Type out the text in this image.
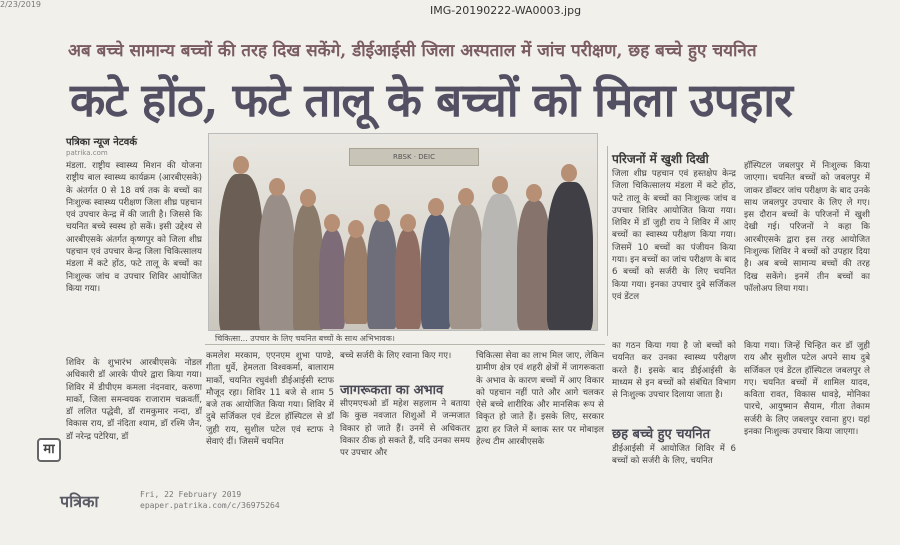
2/23/2019	IMG-20190222-WA0003.jpg
अब बच्चे सामान्य बच्चों की तरह दिख सकेंगे, डीईआईसी जिला अस्पताल में जांच परीक्षण, छह बच्चे हुए चयनित
कटे होंठ, फटे तालू के बच्चों को मिला उपहार
पत्रिका न्यूज नेटवर्क
patrika.com
मंडला. राष्ट्रीय स्वास्थ्य मिशन की योजना राष्ट्रीय बाल स्वास्थ्य कार्यक्रम (आरबीएसके) के अंतर्गत 0 से 18 वर्ष तक के बच्चों का निःशुल्क स्वास्थ्य परीक्षण जिला शीघ्र पहचान एवं उपचार केन्द्र में की जाती है। जिससे कि चयनित बच्चे स्वस्थ हो सकें। इसी उद्देश्य से आरबीएसके अंतर्गत कृष्णपुर को जिला शीघ्र पहचान एवं उपचार केन्द्र जिला चिकित्सालय मंडला में कटे होंठ, फटे तालू के बच्चों का निःशुल्क जांच व उपचार शिविर आयोजित किया गया।
शिविर के शुभारंभ आरबीएसके नोडल अधिकारी डॉ आरके पीपरे द्वारा किया गया। शिविर में डीपीएम कमला नंदनवार, करुणा मार्को, जिला समन्वयक राजाराम चक्रवर्ती, डॉ ललित पद्धेवी, डॉ रामकुमार नन्दा, डॉ विकास राय, डॉ नंदिता श्याम, डॉ रश्मि जैन, डॉ नरेन्द्र पटेरिया, डॉ
मा
RBSK · DEIC
चिकित्सा... उपचार के लिए चयनित बच्चों के साथ अभिभावक।
कमलेश मरकाम, एएनएम शुभा पाण्डे, गीता धुर्वे, हेमलता विश्वकर्मा, बालाराम मार्को, चयनित रघुवंशी डीईआईसी स्टाफ मौजूद रहा। शिविर 11 बजे से शाम 5 बजे तक आयोजित किया गया। शिविर में दुबे सर्जिकल एवं डेंटल हॉस्पिटल से डॉ जुही राय, सुशील पटेल एवं स्टाफ ने सेवाएं दीं। जिसमें चयनित
बच्चे सर्जरी के लिए रवाना किए गए।
जागरूकता का अभाव
सीएमएचओ डॉ महेश सहलाम ने बताया कि कुछ नवजात शिशुओं में जन्मजात विकार हो जाते हैं। उनमें से अधिकतर विकार ठीक हो सकते हैं, यदि उनका समय पर उपचार और
चिकित्सा सेवा का लाभ मिल जाए, लेकिन ग्रामीण क्षेत्र एवं शहरी क्षेत्रों में जागरूकता के अभाव के कारण बच्चों में आए विकार को पहचान नहीं पाते और आगे चलकर ऐसे बच्चे शारीरिक और मानसिक रूप से विकृत हो जाते हैं। इसके लिए, सरकार द्वारा हर जिले में ब्लाक स्तर पर मोबाइल हेल्थ टीम आरबीएसके
का गठन किया गया है जो बच्चों को चयनित कर उनका स्वास्थ्य परीक्षण करते हैं। इसके बाद डीईआईसी के माध्यम से इन बच्चों को संबंधित विभाग से निःशुल्क उपचार दिलाया जाता है।
छह बच्चे हुए चयनित
डीईआईसी में आयोजित शिविर में 6 बच्चों को सर्जरी के लिए, चयनित
परिजनों में खुशी दिखी
जिला शीघ्र पहचान एवं हस्तक्षेप केन्द्र जिला चिकित्सालय मंडला में कटे होंठ, फटे तालू के बच्चों का निःशुल्क जांच व उपचार शिविर आयोजित किया गया। शिविर में डॉ जुही राय ने शिविर में आए बच्चों का स्वास्थ्य परीक्षण किया गया। जिसमें 10 बच्चों का पंजीयन किया गया। इन बच्चों का जांच परीक्षण के बाद 6 बच्चों को सर्जरी के लिए चयनित किया गया। इनका उपचार दुबे सर्जिकल एवं डेंटल
हॉस्पिटल जबलपुर में निःशुल्क किया जाएगा। चयनित बच्चों को जबलपुर में जाकर डॉक्टर जांच परीक्षण के बाद उनके साथ जबलपुर उपचार के लिए ले गए। इस दौरान बच्चों के परिजनों में खुशी देखी गई। परिजनों ने कहा कि आरबीएसके द्वारा इस तरह आयोजित निःशुल्क शिविर ने बच्चों को उपहार दिया है। अब बच्चे सामान्य बच्चों की तरह दिख सकेंगे। इनमें तीन बच्चों का फॉलोअप लिया गया।
किया गया। जिन्हें चिन्हित कर डॉ जुही राय और सुशील पटेल अपने साथ दुबे सर्जिकल एवं डेंटल हॉस्पिटल जबलपुर ले गए। चयनित बच्चों में शामिल यादव, कविता रावत, विकास धावड़े, मोनिका पारचे, आयुष्मान सैयाम, गीता तेकाम सर्जरी के लिए जबलपुर रवाना हुए। यहां इनका निःशुल्क उपचार किया जाएगा।
पत्रिका	Fri, 22 February 2019
epaper.patrika.com/c/36975264
